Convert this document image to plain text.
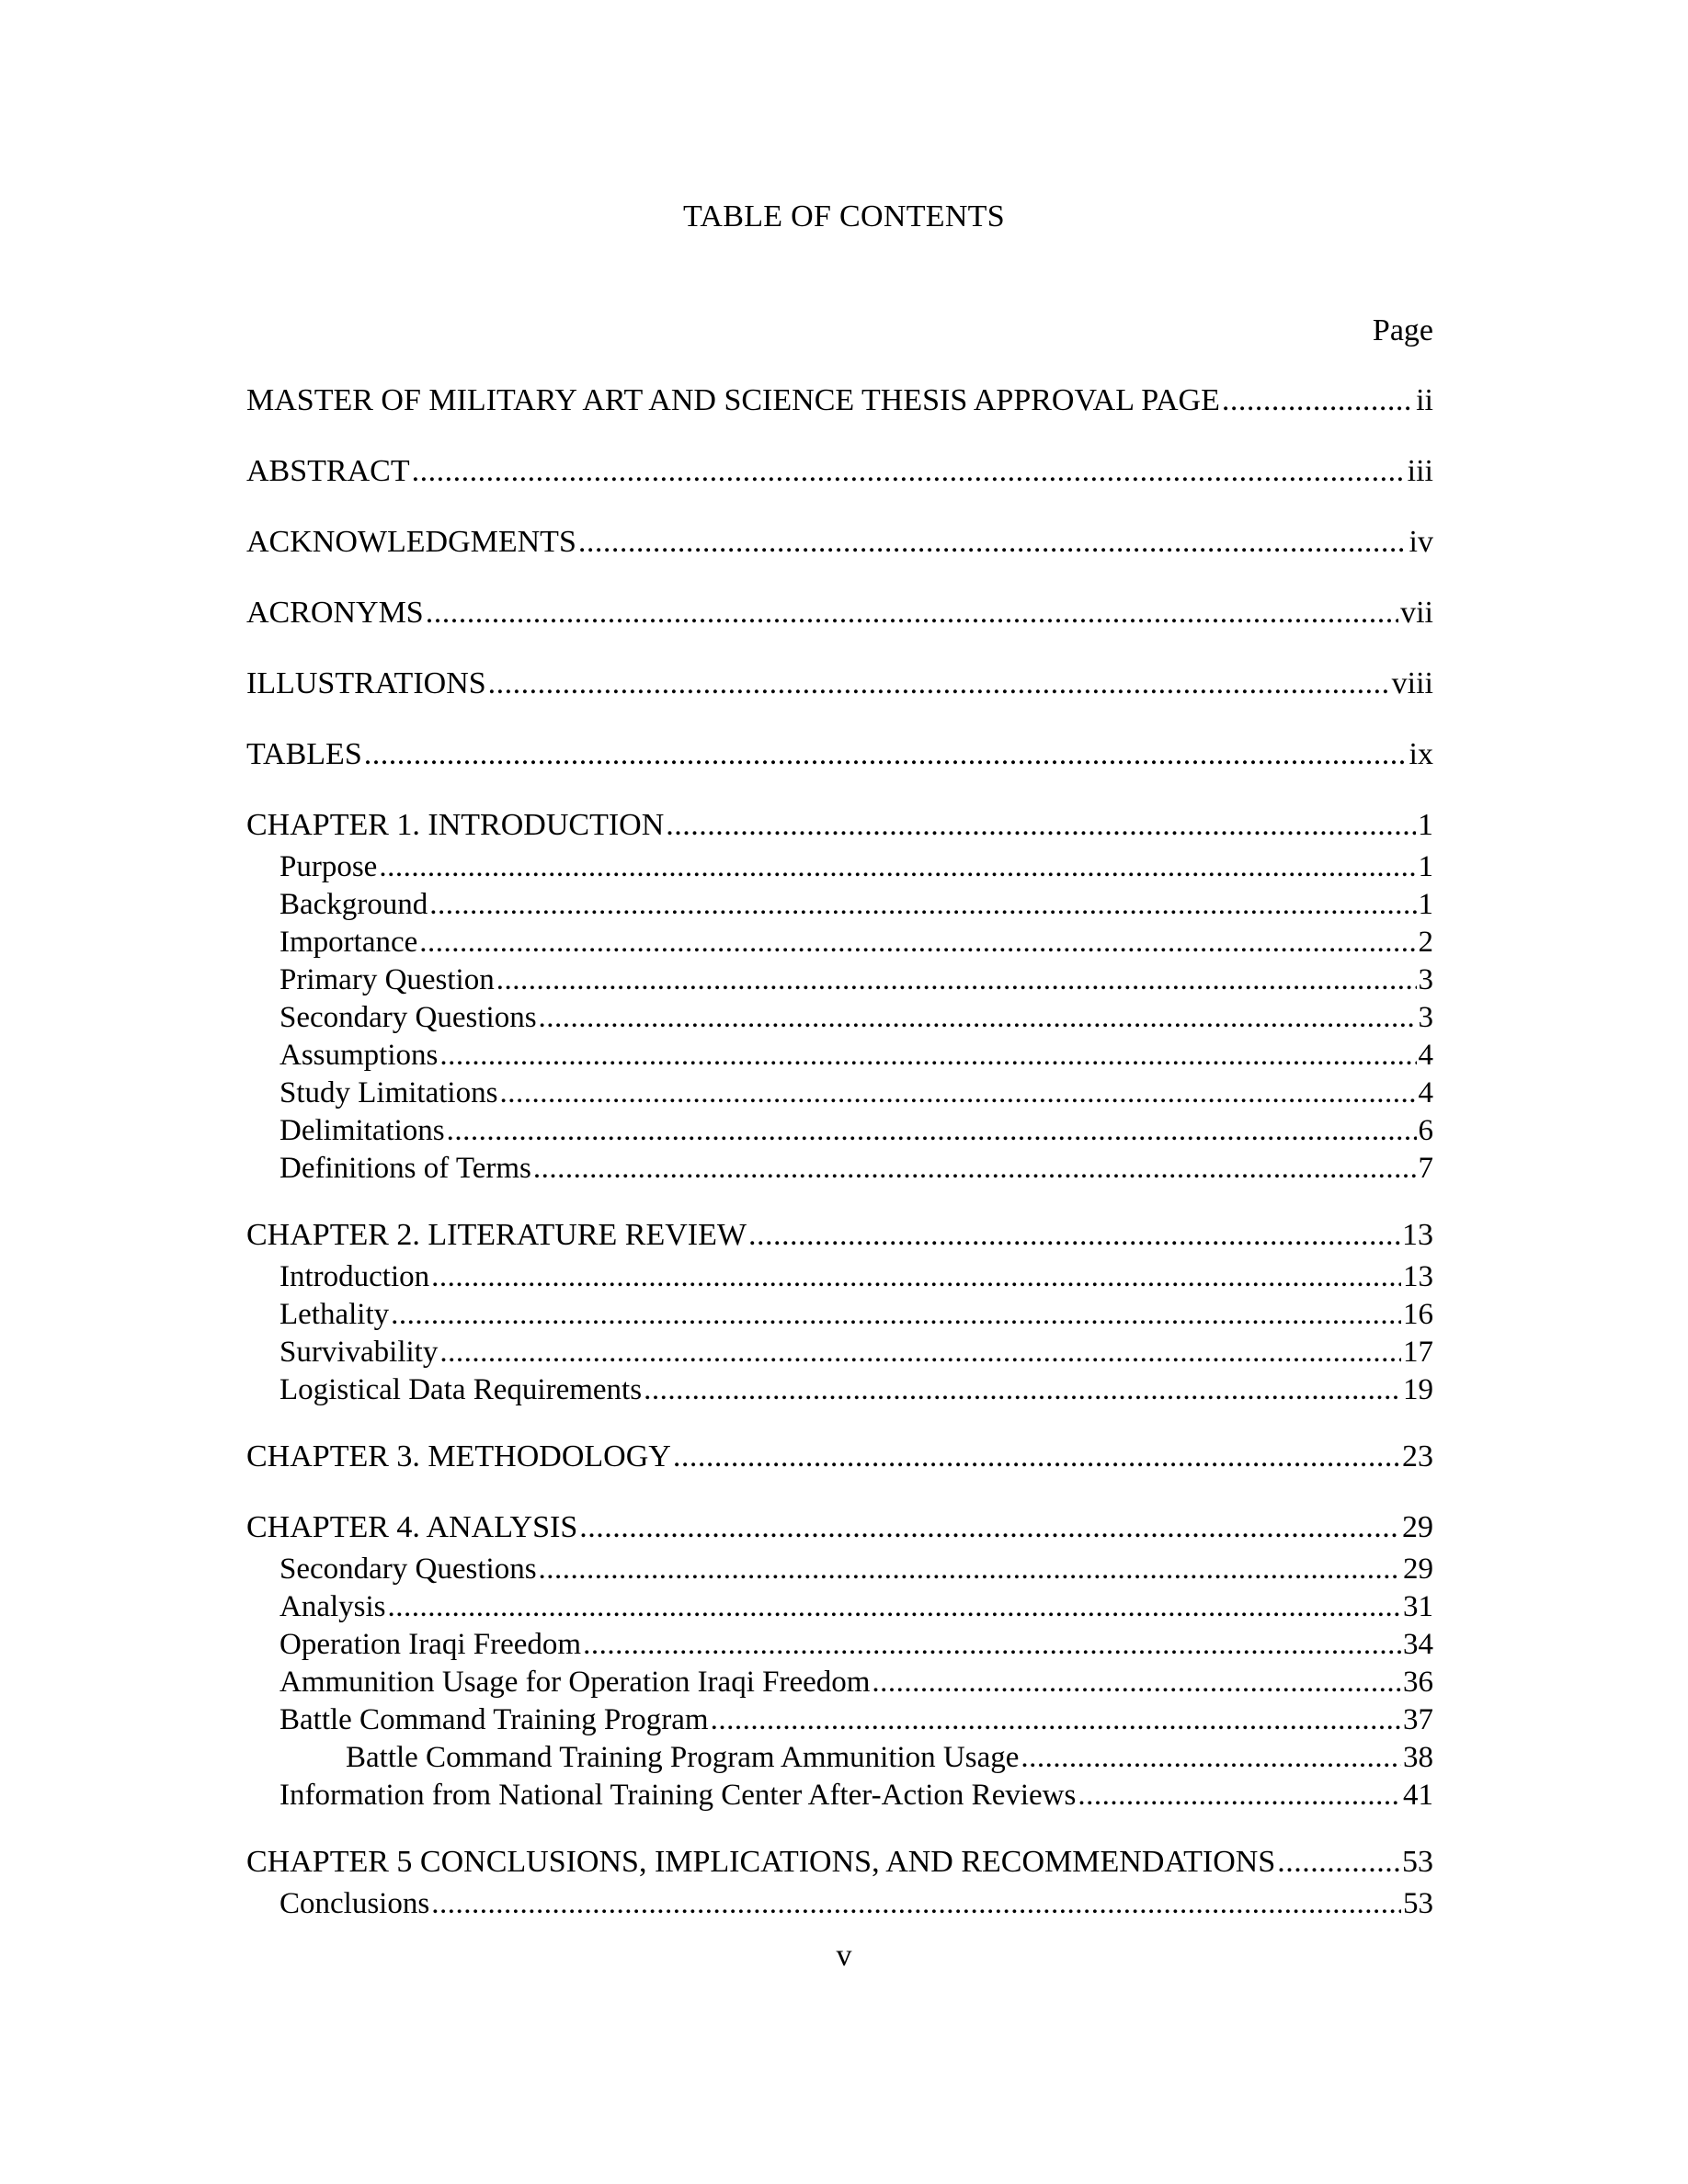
TABLE OF CONTENTS
Page
MASTER OF MILITARY ART AND SCIENCE THESIS APPROVAL PAGE .....	ii
ABSTRACT .....	iii
ACKNOWLEDGMENTS .....	iv
ACRONYMS .....	vii
ILLUSTRATIONS .....	viii
TABLES .....	ix
CHAPTER 1. INTRODUCTION .....	1
Purpose .....	1
Background .....	1
Importance .....	2
Primary Question .....	3
Secondary Questions .....	3
Assumptions .....	4
Study Limitations .....	4
Delimitations .....	6
Definitions of Terms .....	7
CHAPTER 2. LITERATURE REVIEW .....	13
Introduction .....	13
Lethality .....	16
Survivability .....	17
Logistical Data Requirements .....	19
CHAPTER 3. METHODOLOGY .....	23
CHAPTER 4. ANALYSIS .....	29
Secondary Questions .....	29
Analysis .....	31
Operation Iraqi Freedom .....	34
Ammunition Usage for Operation Iraqi Freedom .....	36
Battle Command Training Program .....	37
Battle Command Training Program Ammunition Usage .....	38
Information from National Training Center After-Action Reviews .....	41
CHAPTER 5 CONCLUSIONS, IMPLICATIONS, AND RECOMMENDATIONS .....	53
Conclusions .....	53
v
